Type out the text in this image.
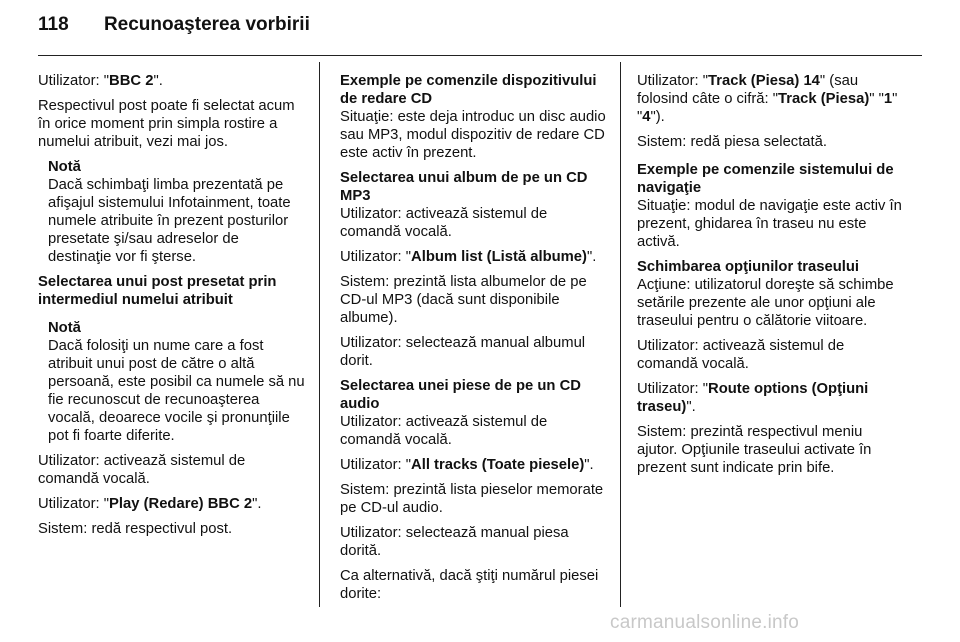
118 Recunoaşterea vorbirii

Utilizator: "BBC 2".

Respectivul post poate fi selectat acum în orice moment prin simpla rostire a numelui atribuit, vezi mai jos.

Notă
Dacă schimbaţi limba prezentată pe afişajul sistemului Infotainment, toate numele atribuite în prezent posturilor presetate şi/sau adreselor de destinaţie vor fi şterse.

Selectarea unui post presetat prin intermediul numelui atribuit

Notă
Dacă folosiţi un nume care a fost atribuit unui post de către o altă persoană, este posibil ca numele să nu fie recunoscut de recunoaşterea vocală, deoarece vocile şi pronunţiile pot fi foarte diferite.

Utilizator: activează sistemul de comandă vocală.

Utilizator: "Play (Redare) BBC 2".

Sistem: redă respectivul post.

Exemple pe comenzile dispozitivului de redare CD

Situaţie: este deja introduc un disc audio sau MP3, modul dispozitiv de redare CD este activ în prezent.

Selectarea unui album de pe un CD MP3

Utilizator: activează sistemul de comandă vocală.

Utilizator: "Album list (Listă albume)".

Sistem: prezintă lista albumelor de pe CD-ul MP3 (dacă sunt disponibile albume).

Utilizator: selectează manual albumul dorit.

Selectarea unei piese de pe un CD audio

Utilizator: activează sistemul de comandă vocală.

Utilizator: "All tracks (Toate piesele)".

Sistem: prezintă lista pieselor memorate pe CD-ul audio.

Utilizator: selectează manual piesa dorită.

Ca alternativă, dacă ştiţi numărul piesei dorite:

Utilizator: "Track (Piesa) 14" (sau folosind câte o cifră: "Track (Piesa)" "1" "4").

Sistem: redă piesa selectată.

Exemple pe comenzile sistemului de navigaţie

Situaţie: modul de navigaţie este activ în prezent, ghidarea în traseu nu este activă.

Schimbarea opţiunilor traseului

Acţiune: utilizatorul doreşte să schimbe setările prezente ale unor opţiuni ale traseului pentru o călătorie viitoare.

Utilizator: activează sistemul de comandă vocală.

Utilizator: "Route options (Opţiuni traseu)".

Sistem: prezintă respectivul meniu ajutor. Opţiunile traseului activate în prezent sunt indicate prin bife.

carmanualsonline.info
